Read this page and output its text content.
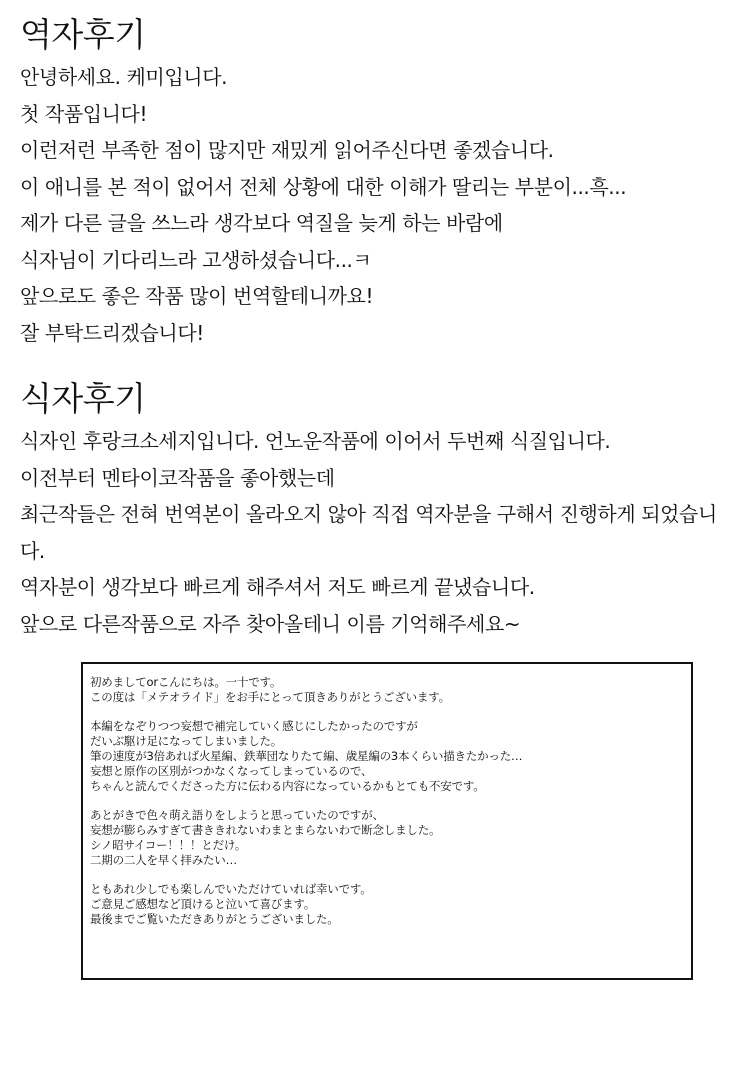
역자후기
안녕하세요. 케미입니다.
첫 작품입니다!
이런저런 부족한 점이 많지만 재밌게 읽어주신다면 좋겠습니다.
이 애니를 본 적이 없어서 전체 상황에 대한 이해가 딸리는 부분이...흑...
제가 다른 글을 쓰느라 생각보다 역질을 늦게 하는 바람에
식자님이 기다리느라 고생하셨습니다...ㅋ
앞으로도 좋은 작품 많이 번역할테니까요!
잘 부탁드리겠습니다!
식자후기
식자인 후랑크소세지입니다. 언노운작품에 이어서 두번째 식질입니다.
이전부터 멘타이코작품을 좋아했는데
최근작들은 전혀 번역본이 올라오지 않아 직접 역자분을 구해서 진행하게 되었습니다.
역자분이 생각보다 빠르게 해주셔서 저도 빠르게 끝냈습니다.
앞으로 다른작품으로 자주 찾아올테니 이름 기억해주세요~
初めましてorこんにちは。一十です。
この度は「メテオライド」をお手にとって頂きありがとうございます。
本編をなぞりつつ妄想で補完していく感じにしたかったのですが
だいぶ駆け足になってしまいました。
筆の速度が3倍あれば火星編、鉄華団なりたて編、歳星編の3本くらい描きたかった…
妄想と原作の区別がつかなくなってしまっているので、
ちゃんと読んでくださった方に伝わる内容になっているかもとても不安です。
あとがきで色々萌え語りをしようと思っていたのですが、
妄想が膨らみすぎて書ききれないわまとまらないわで断念しました。
シノ昭サイコー！！！とだけ。
二期の二人を早く拝みたい…
ともあれ少しでも楽しんでいただけていれば幸いです。
ご意見ご感想など頂けると泣いて喜びます。
最後までご覧いただきありがとうございました。
